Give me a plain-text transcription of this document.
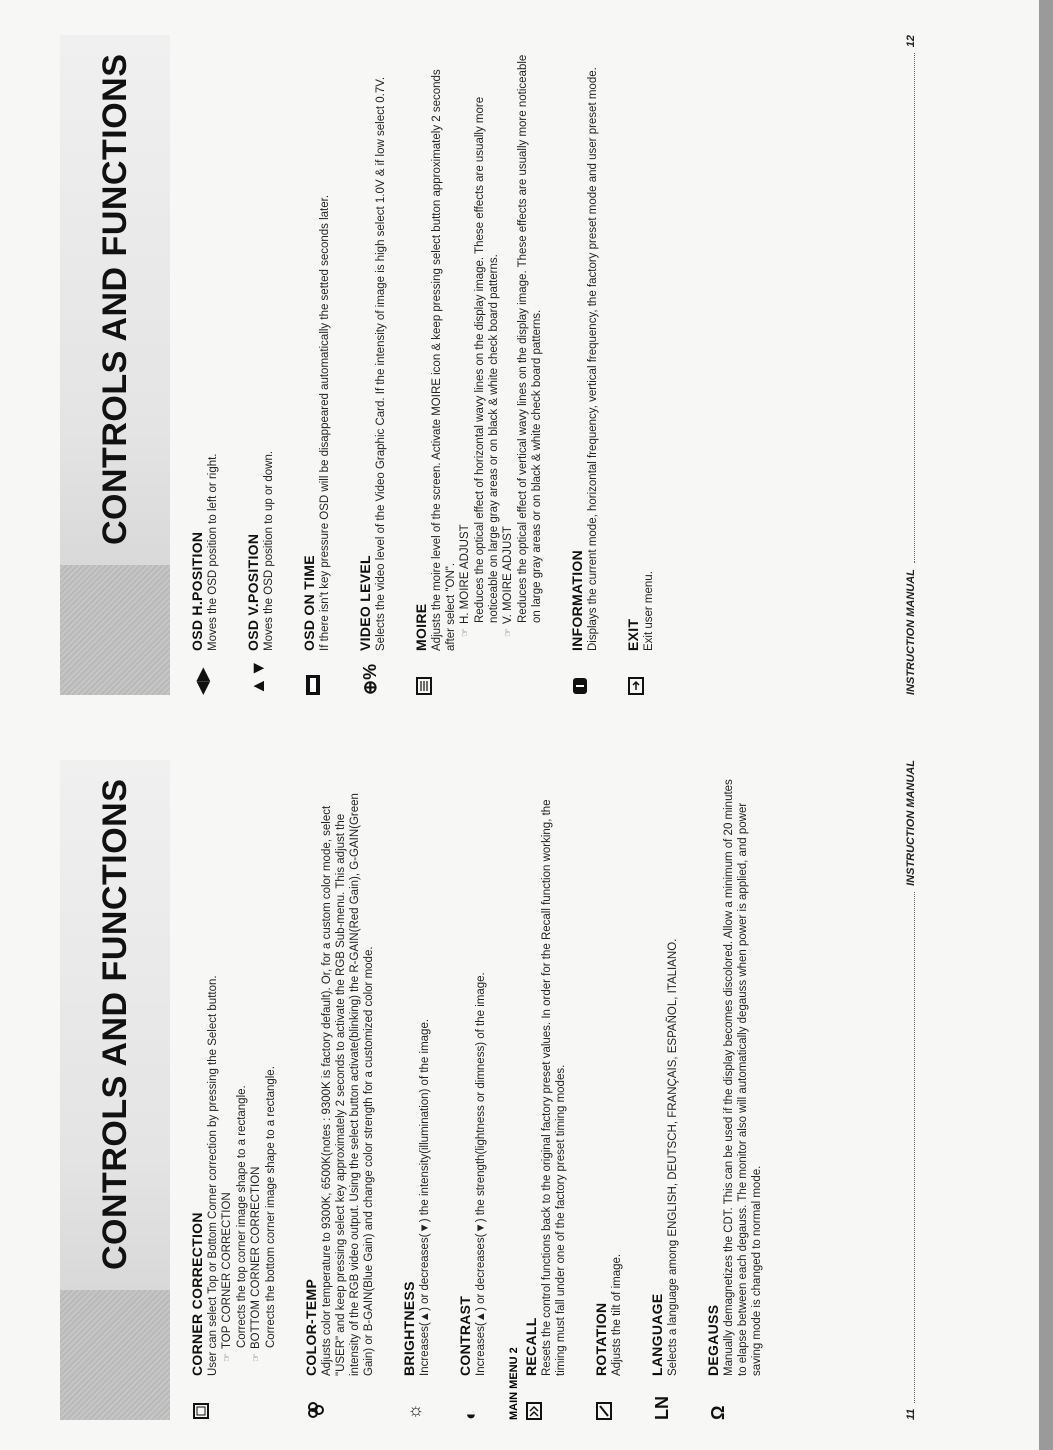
CONTROLS AND FUNCTIONS
CORNER CORRECTION User can select Top or Bottom Corner correction by pressing the Select button. ☞TOP CORNER CORRECTION Corrects the top corner image shape to a rectangle.
☞BOTTOM CORNER CORRECTION Corrects the bottom corner image shape to a rectangle. COLOR-TEMP Adjusts color temperature to 9300K, 6500K(notes : 9300K is factory default). Or, for a custom color mode, select "USER" and keep pressing select key approximately 2 seconds to activate the RGB Sub-menu. This adjust the intensity of the RGB video output. Using the select button activate(blinking) the R-GAIN(Red Gain), G-GAIN(Green Gain) or B-GAIN(Blue Gain) and change color strength for a customized color mode.
☼
BRIGHTNESS Increases(▲) or decreases(▼) the intensity(illumination) of the image.
◐
CONTRAST Increases(▲) or decreases(▼) the strength(lightness or dimness) of the image.
MAIN MENU 2
RECALL Resets the control functions back to the original factory preset values. In order for the Recall function working, the timing must fall under one of the factory preset timing modes. ROTATION Adjusts the tilt of image.
LN
LANGUAGE Selects a language among ENGLISH, DEUTSCH, FRANÇAIS, ESPAÑOL, ITALIANO.
Ω
DEGAUSS Manually demagnetizes the CDT. This can be used if the display becomes discolored. Allow a minimum of 20 minutes to elapse between each degauss. The monitor also will automatically degauss when power is applied, and power saving mode is changed to normal mode.
11
INSTRUCTION MANUAL
CONTROLS AND FUNCTIONS
◀▶
OSD H.POSITION Moves the OSD position to left or right.
▲▼
OSD V.POSITION Moves the OSD position to up or down. OSD ON TIME If there isn't key pressure OSD will be disappeared automatically the setted seconds later.
⊕%
VIDEO LEVEL Selects the video level of the Video Graphic Card. If the intensity of image is high select 1.0V & if low select 0.7V. MOIRE Adjusts the moire level of the screen. Activate MOIRE icon & keep pressing select button approximately 2 seconds after select "ON". ☞H. MOIRE ADJUST Reduces the optical effect of horizontal wavy lines on the display image. These effects are usually more noticeable on large gray areas or on black & white check board patterns.
☞V. MOIRE ADJUST Reduces the optical effect of vertical wavy lines on the display image. These effects are usually more noticeable on large gray areas or on black & white check board patterns. INFORMATION Displays the current mode, horizontal frequency, vertical frequency, the factory preset mode and user preset mode. EXIT Exit user menu.	INSTRUCTION MANUAL
12
